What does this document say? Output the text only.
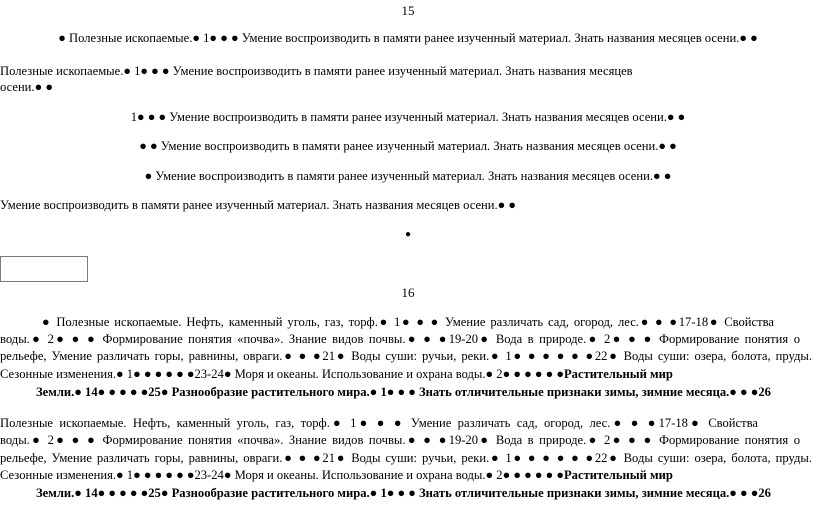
15
● Полезные ископаемые.● 1● ● ● Умение воспроизводить в памяти ранее изученный материал. Знать названия месяцев осени.● ●
Полезные ископаемые.● 1● ● ● Умение воспроизводить в памяти ранее изученный материал. Знать названия месяцев
осени.● ●
1● ● ● Умение воспроизводить в памяти ранее изученный материал. Знать названия месяцев осени.● ●
● ● Умение воспроизводить в памяти ранее изученный материал. Знать названия месяцев осени.● ●
● Умение воспроизводить в памяти ранее изученный материал. Знать названия месяцев осени.● ●
Умение воспроизводить в памяти ранее изученный материал. Знать названия месяцев осени.● ●
●
16
● Полезные ископаемые. Нефть, каменный уголь, газ, торф.● 1● ● ● Умение различать сад, огород, лес.● ● ●17-18● Свойства
воды.● 2● ● ● Формирование понятия «почва». Знание видов почвы.● ● ●19-20● Вода в природе.● 2● ● ● Формирование понятия о
рельефе, Умение различать горы, равнины, овраги.● ● ●21● Воды суши: ручьи, реки.● 1● ● ● ● ● ●22● Воды суши: озера, болота, пруды.
Сезонные изменения.● 1● ● ● ● ● ●23-24● Моря и океаны. Использование и охрана воды.● 2● ● ● ● ● ●Растительный мир
Земли.● 14● ● ● ● ●25● Разнообразие растительного мира.● 1● ● ● Знать отличительные признаки зимы, зимние месяца.● ● ●26
Полезные ископаемые. Нефть, каменный уголь, газ, торф.● 1● ● ● Умение различать сад, огород, лес.● ● ●17-18● Свойства
воды.● 2● ● ● Формирование понятия «почва». Знание видов почвы.● ● ●19-20● Вода в природе.● 2● ● ● Формирование понятия о
рельефе, Умение различать горы, равнины, овраги.● ● ●21● Воды суши: ручьи, реки.● 1● ● ● ● ● ●22● Воды суши: озера, болота, пруды.
Сезонные изменения.● 1● ● ● ● ● ●23-24● Моря и океаны. Использование и охрана воды.● 2● ● ● ● ● ●Растительный мир
Земли.● 14● ● ● ● ●25● Разнообразие растительного мира.● 1● ● ● Знать отличительные признаки зимы, зимние месяца.● ● ●26
